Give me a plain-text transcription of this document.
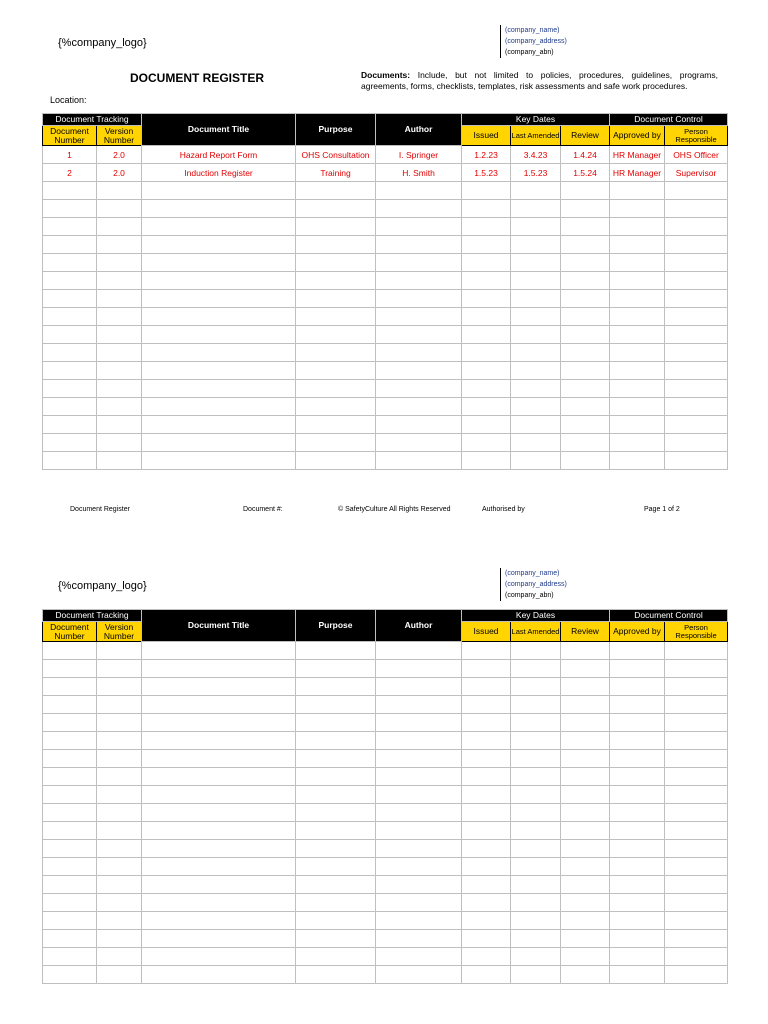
{%company_logo}
(company_name)
(company_address)
(company_abn)
DOCUMENT REGISTER	Documents: Include, but not limited to policies, procedures, guidelines, programs, agreements, forms, checklists, templates, risk assessments and safe work procedures.
Location:
Document Tracking		Document Title	Purpose	Author	Key Dates			Document Control	
Document Number	Version Number				Issued	Last Amended	Review	Approved by	Person Responsible
1	2.0	Hazard Report Form	OHS Consultation	I. Springer	1.2.23	3.4.23	1.4.24	HR Manager	OHS Officer
2	2.0	Induction Register	Training	H. Smith	1.5.23	1.5.23	1.5.24	HR Manager	Supervisor

Document Register	Document #:	© SafetyCulture All Rights Reserved	Authorised by	Page 1 of 2
{%company_logo}
(company_name)
(company_address)
(company_abn)
Document Tracking		Document Title	Purpose	Author	Key Dates			Document Control	
Document Number	Version Number				Issued	Last Amended	Review	Approved by	Person Responsible
